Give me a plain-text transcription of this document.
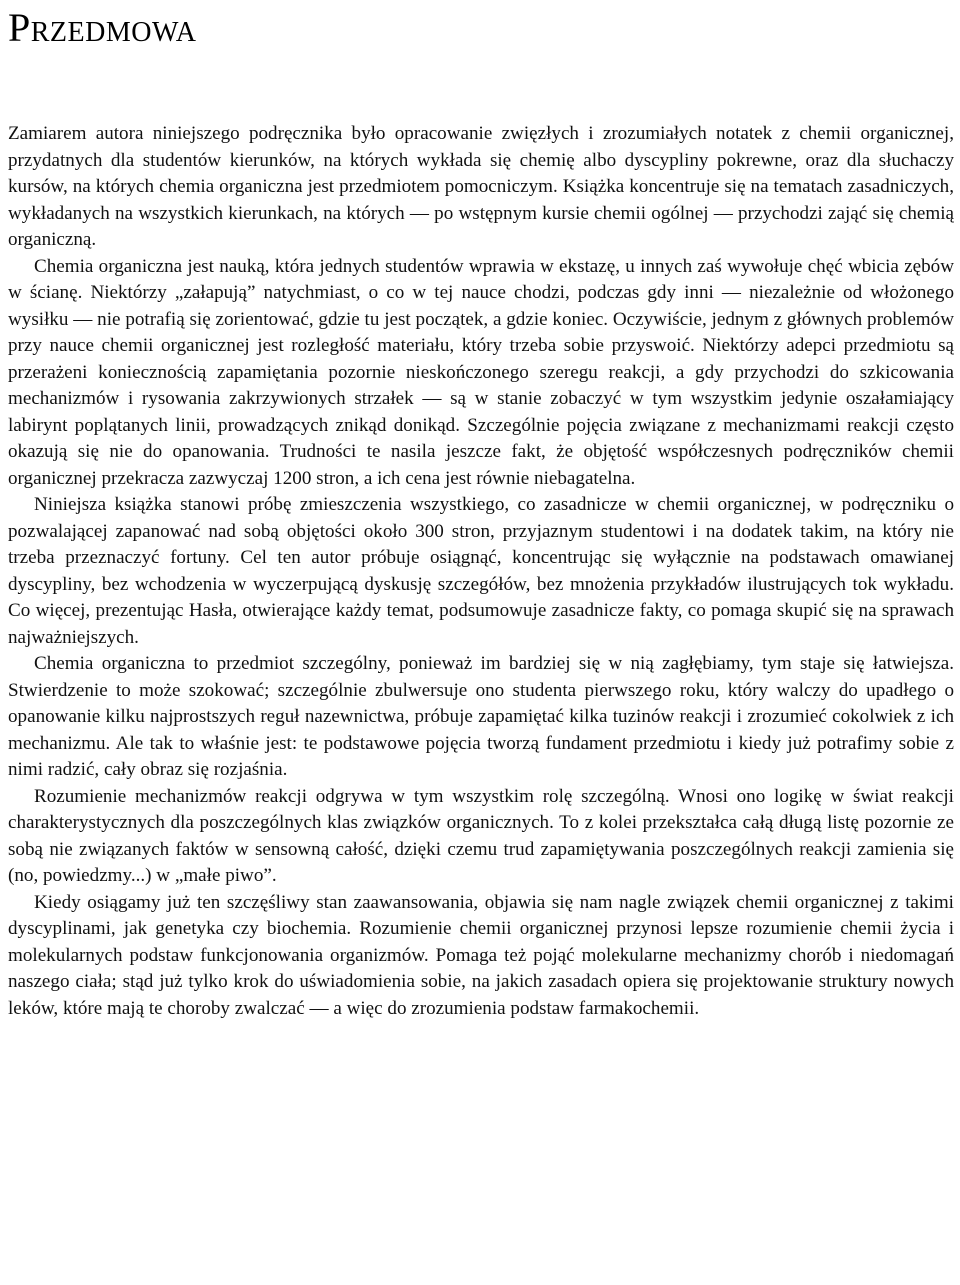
Przedmowa

Zamiarem autora niniejszego podręcznika było opracowanie zwięzłych i zrozumiałych notatek z chemii organicznej, przydatnych dla studentów kierunków, na których wykłada się chemię albo dyscypliny pokrewne, oraz dla słuchaczy kursów, na których chemia organiczna jest przedmiotem pomocniczym. Książka koncentruje się na tematach zasadniczych, wykładanych na wszystkich kierunkach, na których — po wstępnym kursie chemii ogólnej — przychodzi zająć się chemią organiczną.

Chemia organiczna jest nauką, która jednych studentów wprawia w ekstazę, u innych zaś wywołuje chęć wbicia zębów w ścianę. Niektórzy „załapują” natychmiast, o co w tej nauce chodzi, podczas gdy inni — niezależnie od włożonego wysiłku — nie potrafią się zorientować, gdzie tu jest początek, a gdzie koniec. Oczywiście, jednym z głównych problemów przy nauce chemii organicznej jest rozległość materiału, który trzeba sobie przyswoić. Niektórzy adepci przedmiotu są przerażeni koniecznością zapamiętania pozornie nieskończonego szeregu reakcji, a gdy przychodzi do szkicowania mechanizmów i rysowania zakrzywionych strzałek — są w stanie zobaczyć w tym wszystkim jedynie oszałamiający labirynt poplątanych linii, prowadzących znikąd donikąd. Szczególnie pojęcia związane z mechanizmami reakcji często okazują się nie do opanowania. Trudności te nasila jeszcze fakt, że objętość współczesnych podręczników chemii organicznej przekracza zazwyczaj 1200 stron, a ich cena jest równie niebagatelna.

Niniejsza książka stanowi próbę zmieszczenia wszystkiego, co zasadnicze w chemii organicznej, w podręczniku o pozwalającej zapanować nad sobą objętości około 300 stron, przyjaznym studentowi i na dodatek takim, na który nie trzeba przeznaczyć fortuny. Cel ten autor próbuje osiągnąć, koncentrując się wyłącznie na podstawach omawianej dyscypliny, bez wchodzenia w wyczerpującą dyskusję szczegółów, bez mnożenia przykładów ilustrujących tok wykładu. Co więcej, prezentując Hasła, otwierające każdy temat, podsumowuje zasadnicze fakty, co pomaga skupić się na sprawach najważniejszych.

Chemia organiczna to przedmiot szczególny, ponieważ im bardziej się w nią zagłębiamy, tym staje się łatwiejsza. Stwierdzenie to może szokować; szczególnie zbulwersuje ono studenta pierwszego roku, który walczy do upadłego o opanowanie kilku najprostszych reguł nazewnictwa, próbuje zapamiętać kilka tuzinów reakcji i zrozumieć cokolwiek z ich mechanizmu. Ale tak to właśnie jest: te podstawowe pojęcia tworzą fundament przedmiotu i kiedy już potrafimy sobie z nimi radzić, cały obraz się rozjaśnia.

Rozumienie mechanizmów reakcji odgrywa w tym wszystkim rolę szczególną. Wnosi ono logikę w świat reakcji charakterystycznych dla poszczególnych klas związków organicznych. To z kolei przekształca całą długą listę pozornie ze sobą nie związanych faktów w sensowną całość, dzięki czemu trud zapamiętywania poszczególnych reakcji zamienia się (no, powiedzmy...) w „małe piwo”.

Kiedy osiągamy już ten szczęśliwy stan zaawansowania, objawia się nam nagle związek chemii organicznej z takimi dyscyplinami, jak genetyka czy biochemia. Rozumienie chemii organicznej przynosi lepsze rozumienie chemii życia i molekularnych podstaw funkcjonowania organizmów. Pomaga też pojąć molekularne mechanizmy chorób i niedomagań naszego ciała; stąd już tylko krok do uświadomienia sobie, na jakich zasadach opiera się projektowanie struktury nowych leków, które mają te choroby zwalczać — a więc do zrozumienia podstaw farmakochemii.
